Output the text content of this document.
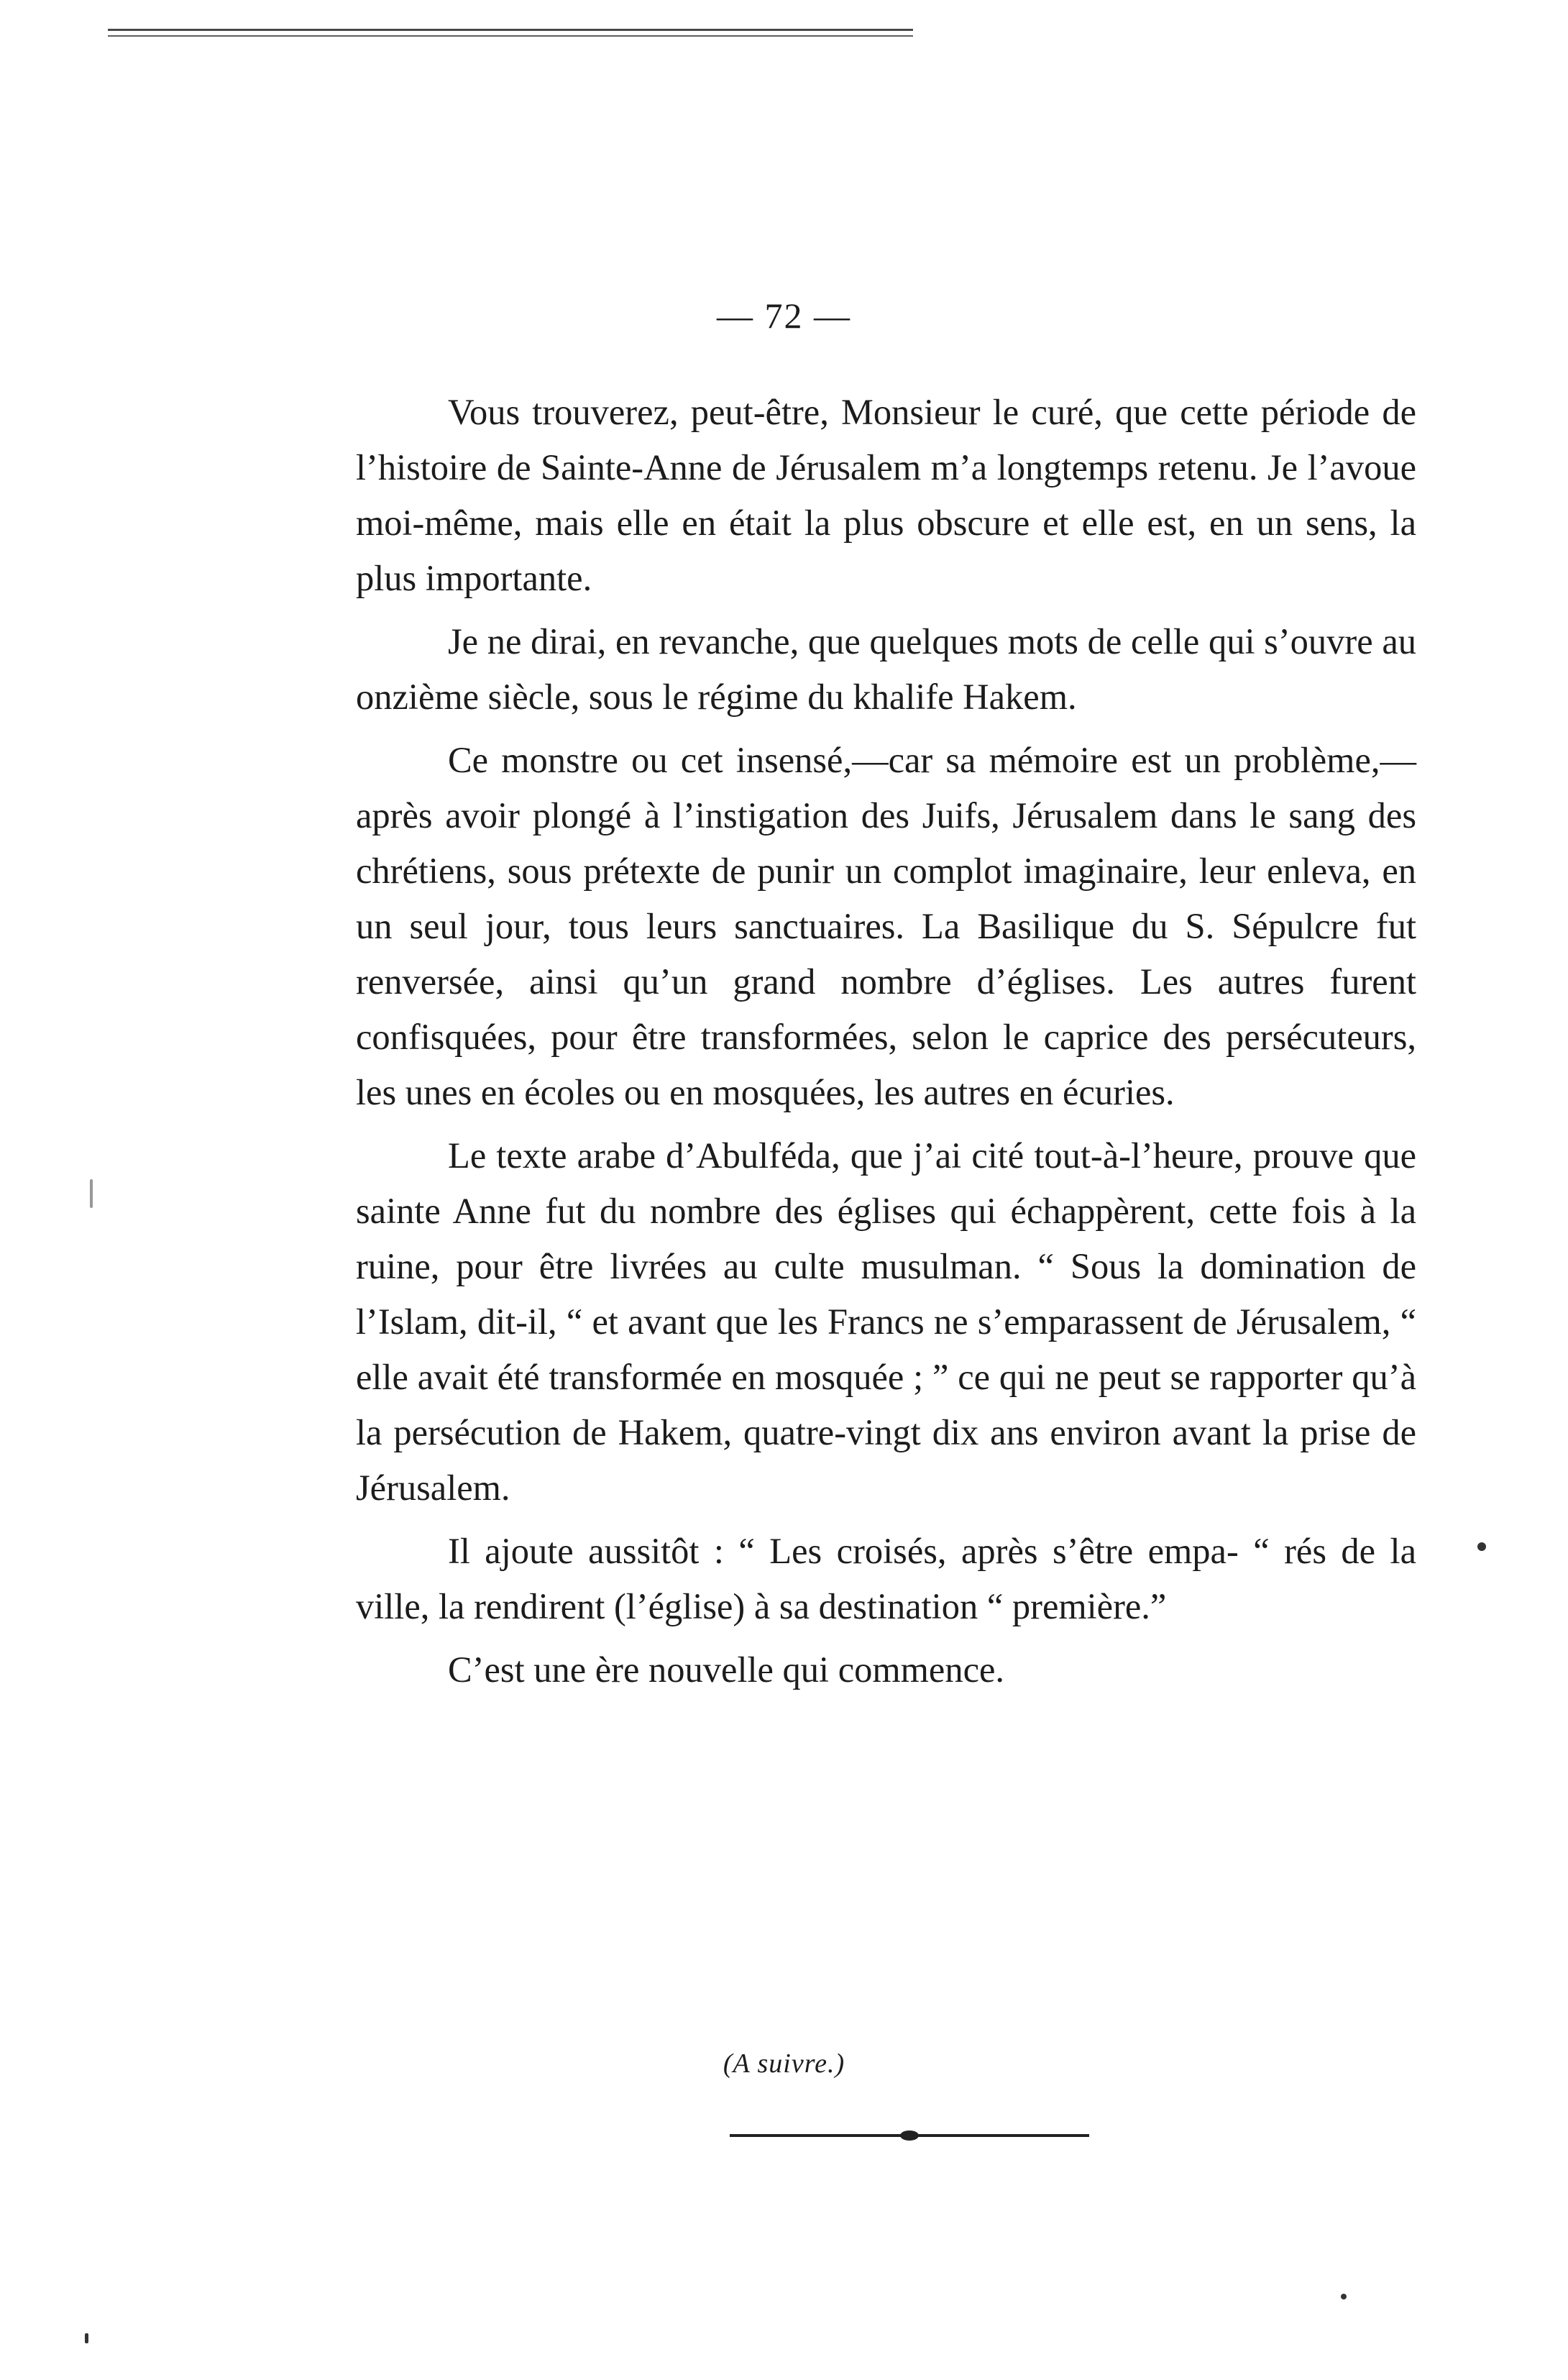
— 72 —

Vous trouverez, peut-être, Monsieur le curé, que cette période de l’histoire de Sainte-Anne de Jérusalem m’a longtemps retenu. Je l’avoue moi-même, mais elle en était la plus obscure et elle est, en un sens, la plus importante.

Je ne dirai, en revanche, que quelques mots de celle qui s’ouvre au onzième siècle, sous le régime du khalife Hakem.

Ce monstre ou cet insensé,—car sa mémoire est un problème,—après avoir plongé à l’instigation des Juifs, Jérusalem dans le sang des chrétiens, sous prétexte de punir un complot imaginaire, leur enleva, en un seul jour, tous leurs sanctuaires. La Basilique du S. Sépulcre fut renversée, ainsi qu’un grand nombre d’églises. Les autres furent confisquées, pour être transformées, selon le caprice des persécuteurs, les unes en écoles ou en mosquées, les autres en écuries.

Le texte arabe d’Abulféda, que j’ai cité tout-à-l’heure, prouve que sainte Anne fut du nombre des églises qui échappèrent, cette fois à la ruine, pour être livrées au culte musulman. “ Sous la domination de l’Islam, dit-il, “ et avant que les Francs ne s’emparassent de Jérusalem, “ elle avait été transformée en mosquée ; ” ce qui ne peut se rapporter qu’à la persécution de Hakem, quatre-vingt dix ans environ avant la prise de Jérusalem.

Il ajoute aussitôt : “ Les croisés, après s’être empa- “ rés de la ville, la rendirent (l’église) à sa destination “ première.”

C’est une ère nouvelle qui commence.

(A suivre.)
